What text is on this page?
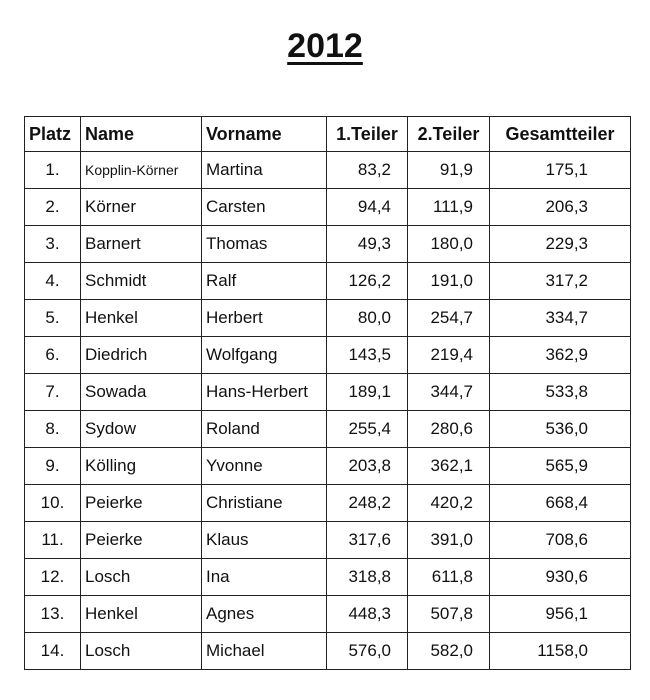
2012
Platz	Name	Vorname	1.Teiler	2.Teiler	Gesamtteiler
1.	Kopplin-Körner	Martina	83,2	91,9	175,1
2.	Körner	Carsten	94,4	111,9	206,3
3.	Barnert	Thomas	49,3	180,0	229,3
4.	Schmidt	Ralf	126,2	191,0	317,2
5.	Henkel	Herbert	80,0	254,7	334,7
6.	Diedrich	Wolfgang	143,5	219,4	362,9
7.	Sowada	Hans-Herbert	189,1	344,7	533,8
8.	Sydow	Roland	255,4	280,6	536,0
9.	Kölling	Yvonne	203,8	362,1	565,9
10.	Peierke	Christiane	248,2	420,2	668,4
11.	Peierke	Klaus	317,6	391,0	708,6
12.	Losch	Ina	318,8	611,8	930,6
13.	Henkel	Agnes	448,3	507,8	956,1
14.	Losch	Michael	576,0	582,0	1158,0
